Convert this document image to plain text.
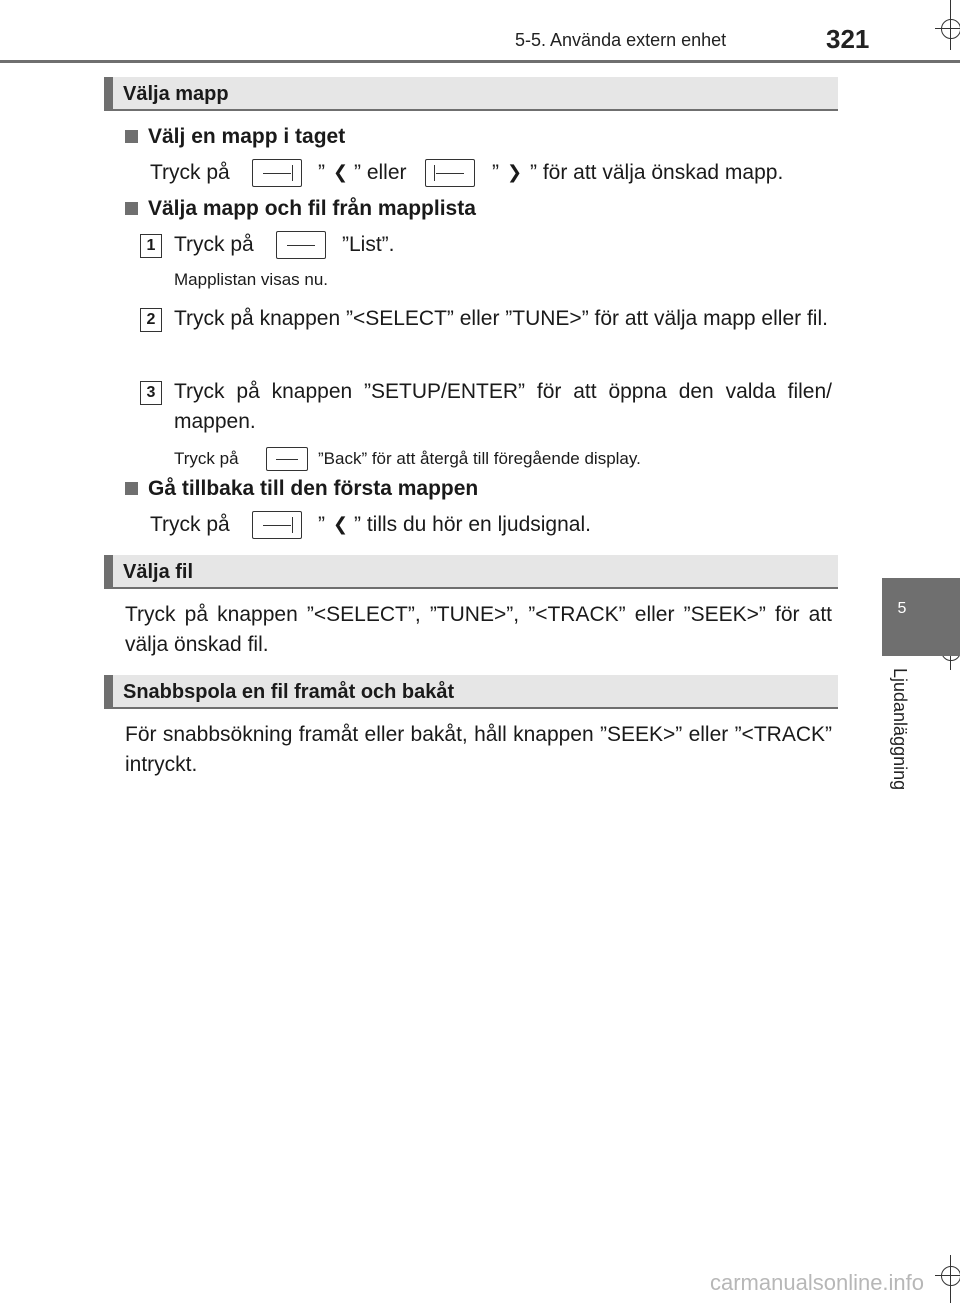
5-5. Använda extern enhet	321
5
Ljudanläggning
Välja mapp
Välj en mapp i taget
Tryck på	” ❮ ” eller	” ❯ ” för att välja önskad mapp.
Välja mapp och fil från mapplista
1 Tryck på	”List”.
Mapplistan visas nu.
2 Tryck på knappen ”<SELECT” eller ”TUNE>” för att välja mapp eller fil.
3 Tryck på knappen ”SETUP/ENTER” för att öppna den valda filen/ mappen.
Tryck på	”Back” för att återgå till föregående display.
Gå tillbaka till den första mappen
Tryck på	” ❮ ” tills du hör en ljudsignal.
Välja fil
Tryck på knappen ”<SELECT”, ”TUNE>”, ”<TRACK” eller ”SEEK>” för att välja önskad fil.
Snabbspola en fil framåt och bakåt
För snabbsökning framåt eller bakåt, håll knappen ”SEEK>” eller ”<TRACK” intryckt.
carmanualsonline.info
